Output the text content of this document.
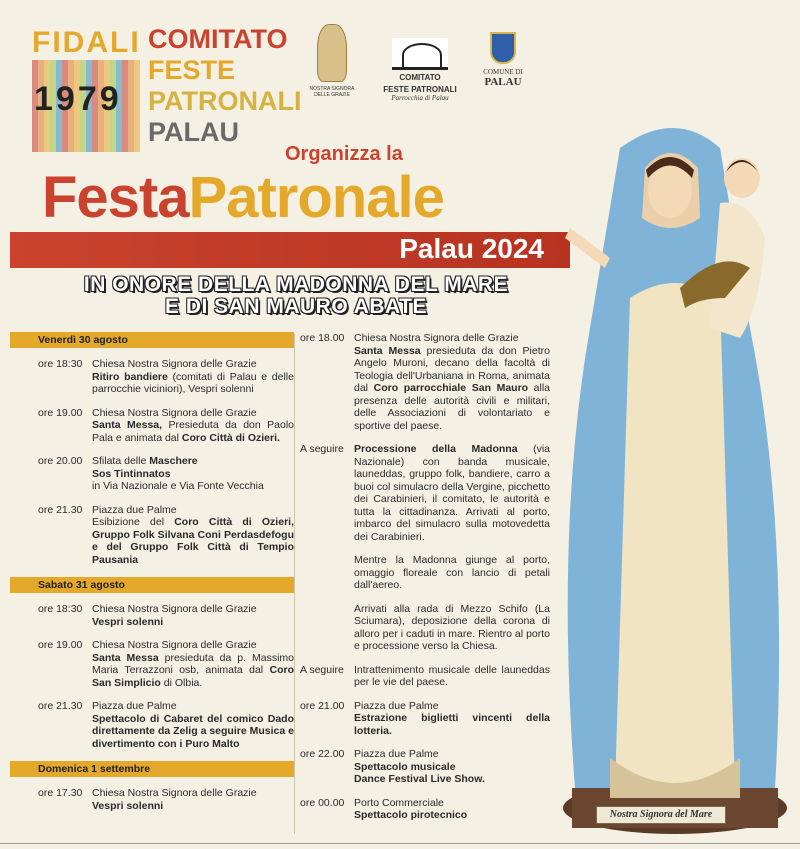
FIDALI
1979
COMITATO
FESTE
PATRONALI
PALAU
NOSTRA SIGNORA DELLE GRAZIE
COMITATO
FESTE PATRONALI
Parrocchia di Palau
COMUNE DI
PALAU
Organizza la
FestaPatronale
Palau 2024
IN ONORE DELLA MADONNA DEL MARE
E DI SAN MAURO ABATE
Nostra Signora del Mare
Venerdì 30 agosto
ore 18:30 Chiesa Nostra Signora delle Grazie
Ritiro bandiere (comitati di Palau e delle parrocchie viciniori), Vespri solenni
ore 19.00 Chiesa Nostra Signora delle Grazie
Santa Messa, Presieduta da don Paolo Pala e animata dal Coro Città di Ozieri.
ore 20.00 Sfilata delle Maschere
Sos Tintinnatos
in Via Nazionale e Via Fonte Vecchia
ore 21.30 Piazza due Palme
Esibizione del Coro Città di Ozieri, Gruppo Folk Silvana Coni Perdasdefogu e del Gruppo Folk Città di Tempio Pausania
Sabato 31 agosto
ore 18:30 Chiesa Nostra Signora delle Grazie
Vespri solenni
ore 19.00 Chiesa Nostra Signora delle Grazie
Santa Messa presieduta da p. Massimo Maria Terrazzoni osb, animata dal Coro San Simplicio di Olbia.
ore 21.30 Piazza due Palme
Spettacolo di Cabaret del comico Dado direttamente da Zelig a seguire Musica e divertimento con i Puro Malto
Domenica 1 settembre
ore 17.30 Chiesa Nostra Signora delle Grazie
Vespri solenni
ore 18.00 Chiesa Nostra Signora delle Grazie
Santa Messa presieduta da don Pietro Angelo Muroni, decano della facoltà di Teologia dell'Urbaniana in Roma, animata dal Coro parrocchiale San Mauro alla presenza delle autorità civili e militari, delle Associazioni di volontariato e sportive del paese.
A seguire Processione della Madonna (via Nazionale) con banda musicale, launeddas, gruppo folk, bandiere, carro a buoi col simulacro della Vergine, picchetto dei Carabinieri, il comitato, le autorità e tutta la cittadinanza. Arrivati al porto, imbarco del simulacro sulla motovedetta dei Carabinieri.
Mentre la Madonna giunge al porto, omaggio floreale con lancio di petali dall'aereo.
Arrivati alla rada di Mezzo Schifo (La Sciumara), deposizione della corona di alloro per i caduti in mare. Rientro al porto e processione verso la Chiesa.
A seguire Intrattenimento musicale delle launeddas per le vie del paese.
ore 21.00 Piazza due Palme
Estrazione biglietti vincenti della lotteria.
ore 22.00 Piazza due Palme
Spettacolo musicale
Dance Festival Live Show.
ore 00.00 Porto Commerciale
Spettacolo pirotecnico
